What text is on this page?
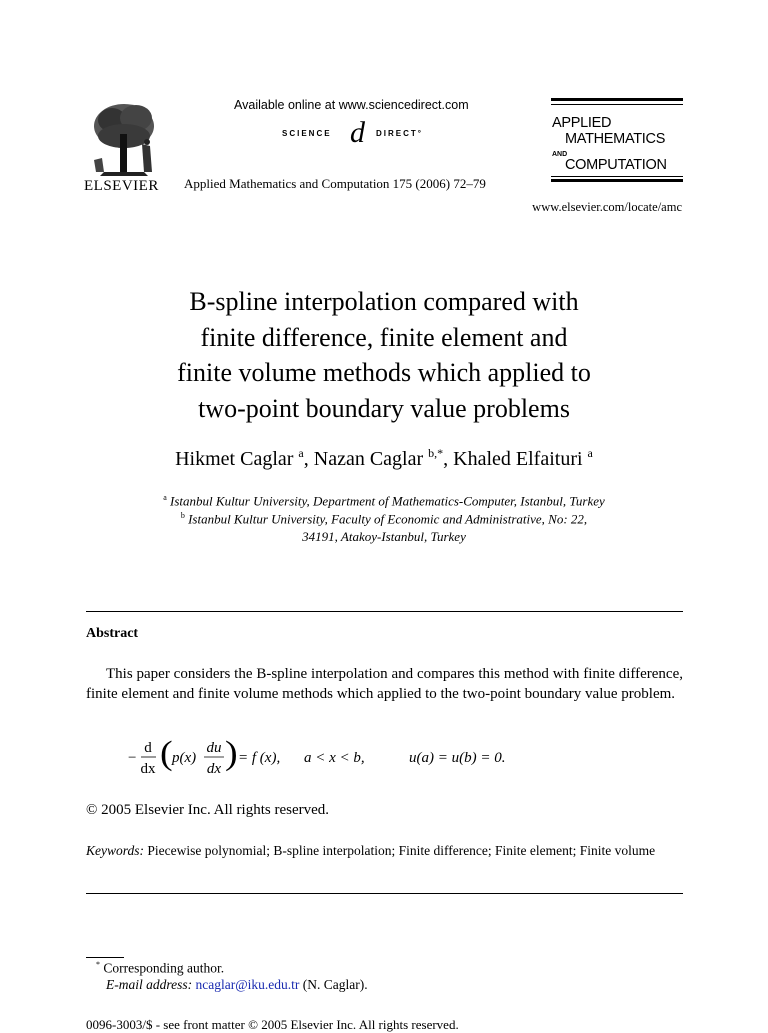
ELSEVIER
Available online at www.sciencedirect.com
SCIENCE d DIRECT°
Applied Mathematics and Computation 175 (2006) 72–79
APPLIED
MATHEMATICS
AND
COMPUTATION
www.elsevier.com/locate/amc
B-spline interpolation compared with
finite difference, finite element and
finite volume methods which applied to
two-point boundary value problems
Hikmet Caglar $^a$, Nazan Caglar $^{b,*}$, Khaled Elfaituri $^a$
$^a$ Istanbul Kultur University, Department of Mathematics-Computer, Istanbul, Turkey
$^b$ Istanbul Kultur University, Faculty of Economic and Administrative, No: 22,
34191, Atakoy-Istanbul, Turkey
Abstract
This paper considers the B-spline interpolation and compares this method with finite difference, finite element and finite volume methods which applied to the two-point boundary value problem.
−
d
dx ( p(x)
du
dx ) = f (x), a < x < b,	u(a) = u(b) = 0.
© 2005 Elsevier Inc. All rights reserved.
Keywords: Piecewise polynomial; B-spline interpolation; Finite difference; Finite element; Finite volume
* Corresponding author.
E-mail address: ncaglar@iku.edu.tr (N. Caglar).
0096-3003/$ - see front matter © 2005 Elsevier Inc. All rights reserved.
